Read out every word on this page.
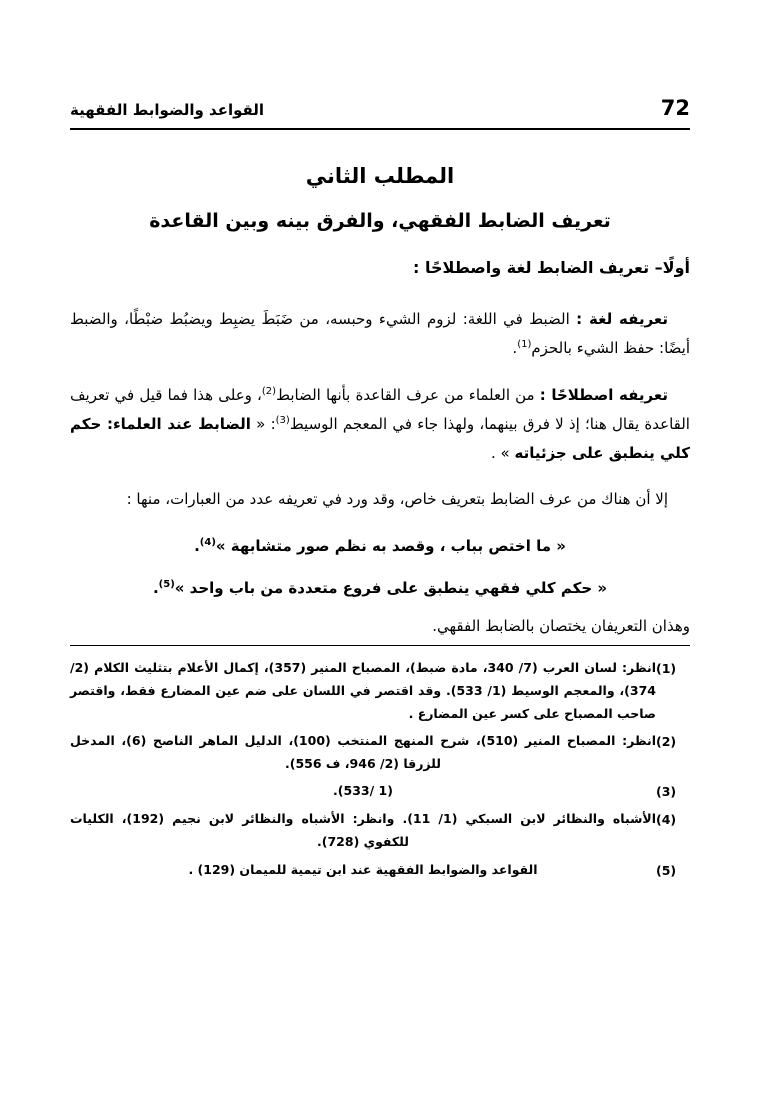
القواعد والضوابط الفقهية	72
المطلب الثاني
تعريف الضابط الفقهي، والفرق بينه وبين القاعدة
أولًا– تعريف الضابط لغة واصطلاحًا :
تعريفه لغة : الضبط في اللغة: لزوم الشيء وحبسه، من ضَبَطَ يضبِط ويضبُط ضبْطًا، والضبط أيضًا: حفظ الشيء بالحزم$^{(1)}$.
تعريفه اصطلاحًا : من العلماء من عرف القاعدة بأنها الضابط$^{(2)}$، وعلى هذا فما قيل في تعريف القاعدة يقال هنا؛ إذ لا فرق بينهما، ولهذا جاء في المعجم الوسيط$^{(3)}$: « الضابط عند العلماء: حكم كلي ينطبق على جزئياته » .
إلا أن هناك من عرف الضابط بتعريف خاص، وقد ورد في تعريفه عدد من العبارات، منها :
« ما اختص بباب ، وقصد به نظم صور متشابهة »$^{(4)}$.
« حكم كلي فقهي ينطبق على فروع متعددة من باب واحد »$^{(5)}$.
وهذان التعريفان يختصان بالضابط الفقهي.
(1)
انظر: لسان العرب (7/ 340، مادة ضبط)، المصباح المنير (357)، إكمال الأعلام بتثليث الكلام (2/ 374)، والمعجم الوسيط (1/ 533). وقد اقتصر في اللسان على ضم عين المضارع فقط، واقتصر صاحب المصباح على كسر عين المضارع .
(2)
انظر: المصباح المنير (510)، شرح المنهج المنتخب (100)، الدليل الماهر الناصح (6)، المدخل للزرقا (2/ 946، ف 556).
(3)
(1 /533).
(4)
الأشباه والنظائر لابن السبكي (1/ 11). وانظر: الأشباه والنظائر لابن نجيم (192)، الكليات للكفوي (728).
(5)
القواعد والضوابط الفقهية عند ابن تيمية للميمان (129) .
